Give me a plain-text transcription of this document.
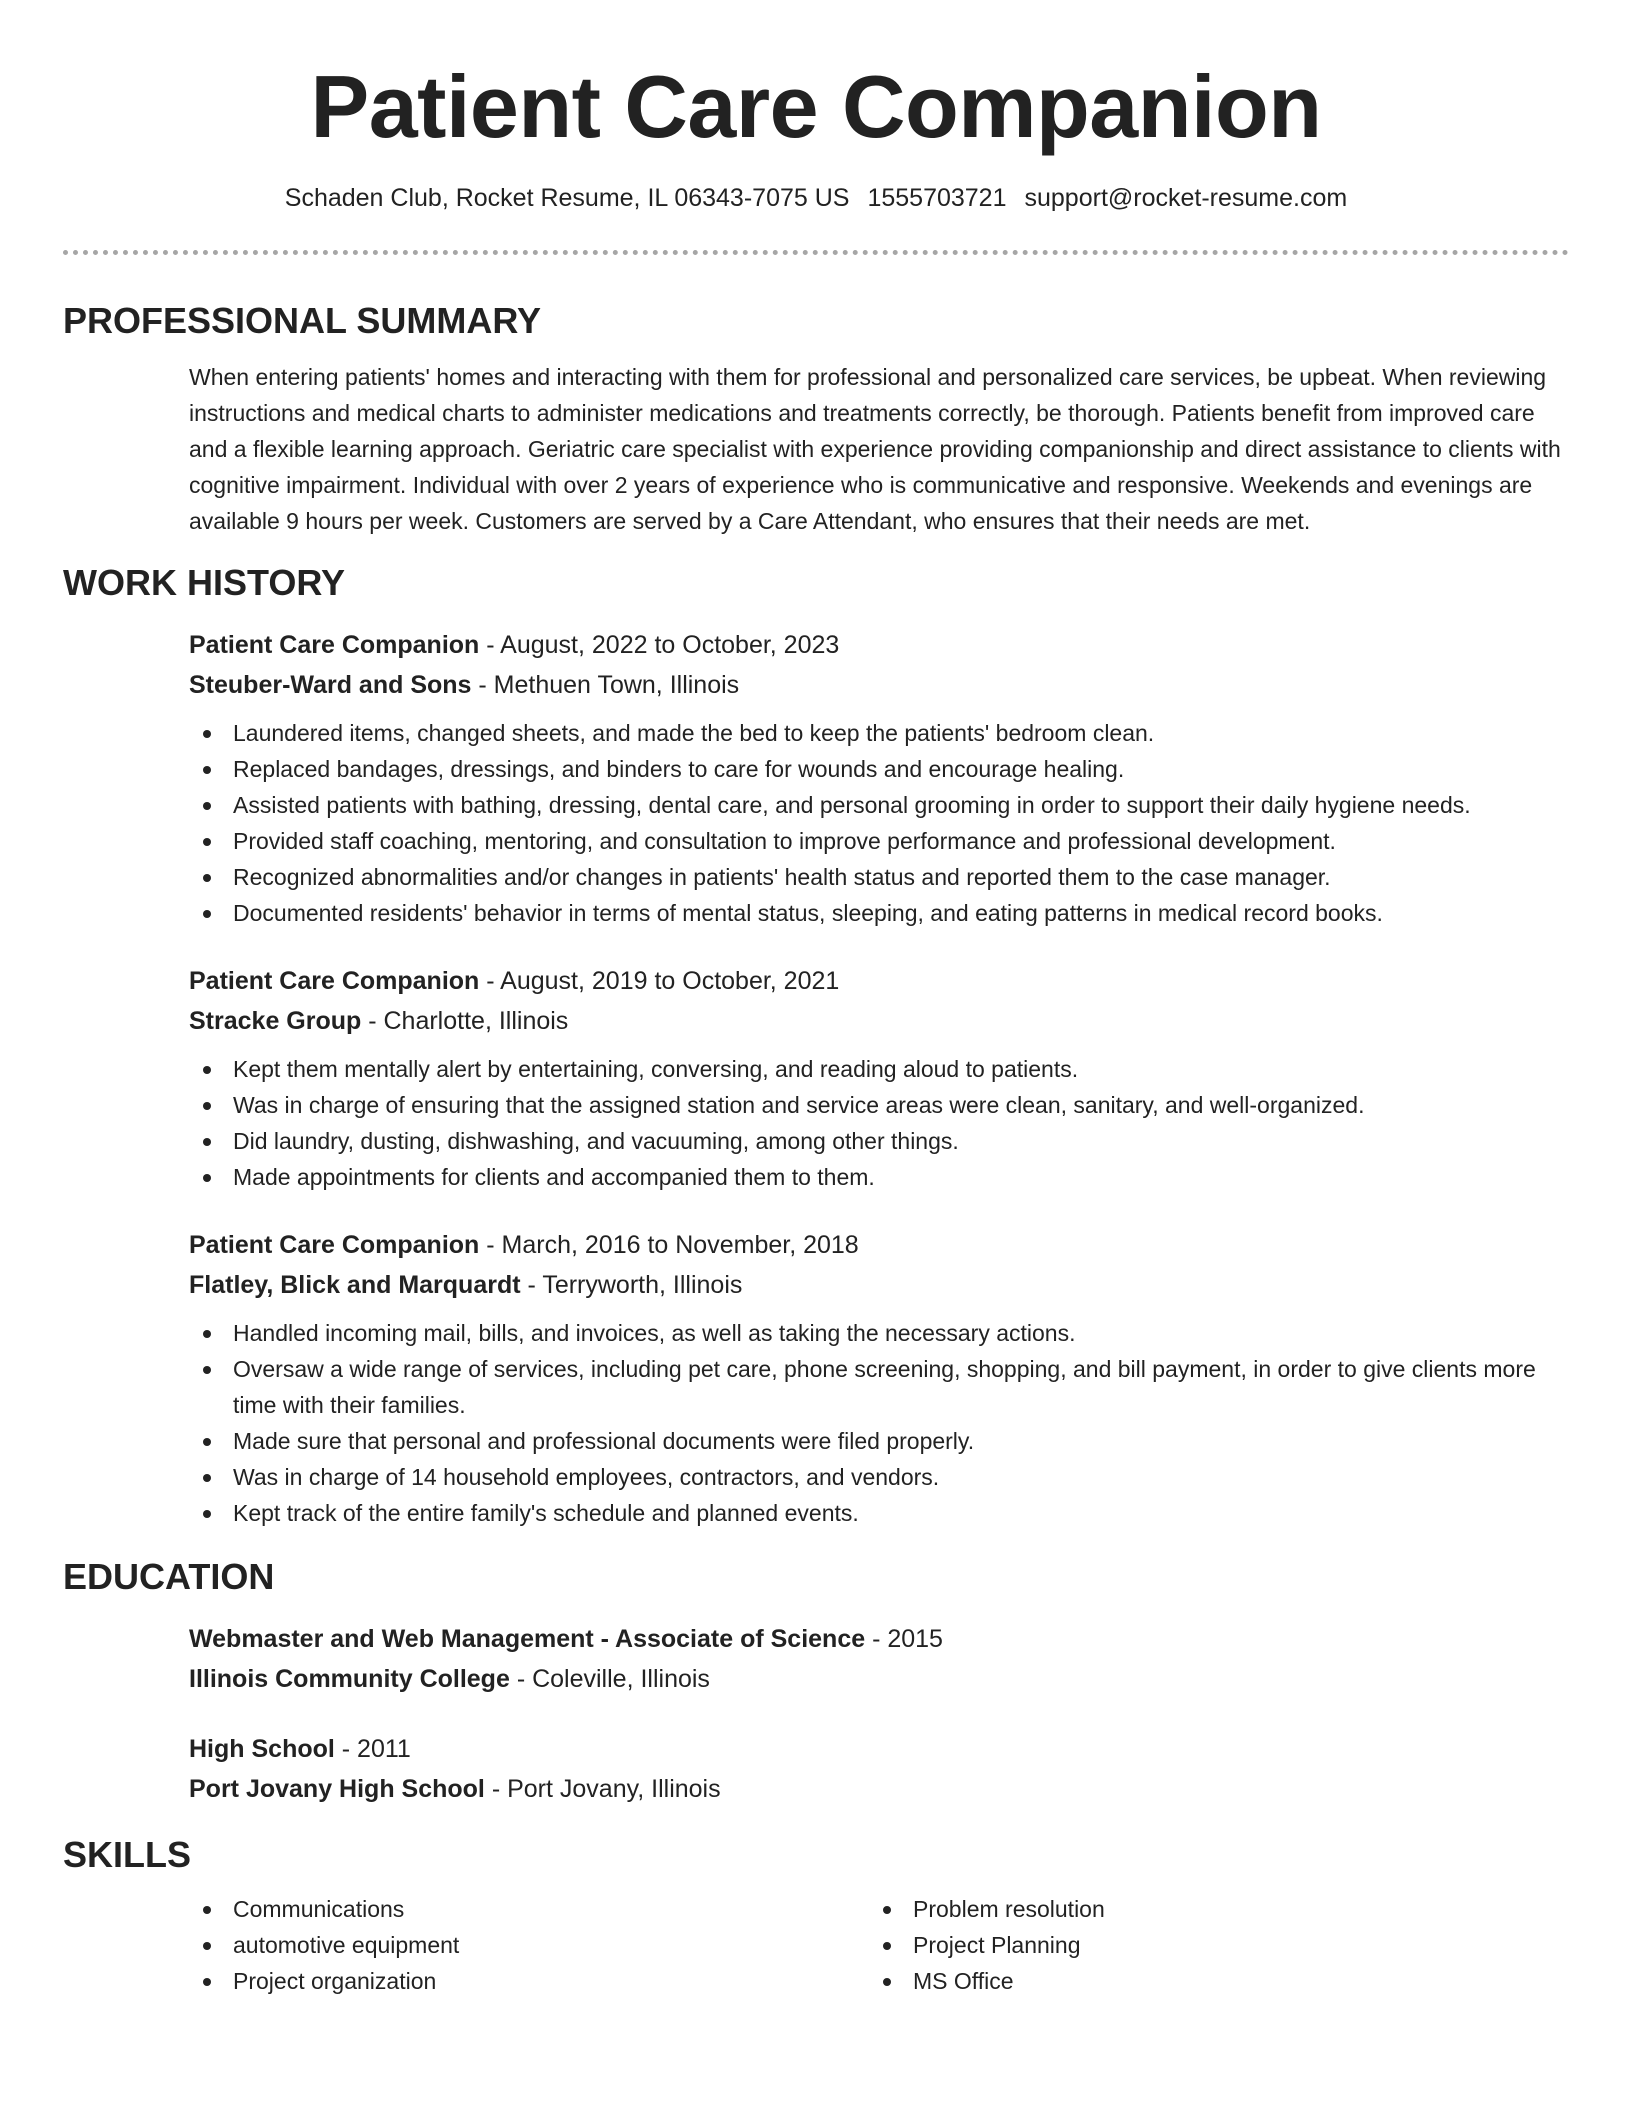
Patient Care Companion
Schaden Club, Rocket Resume, IL 06343-7075 US 1555703721 support@rocket-resume.com
PROFESSIONAL SUMMARY

When entering patients' homes and interacting with them for professional and personalized care services, be upbeat. When reviewing instructions and medical charts to administer medications and treatments correctly, be thorough. Patients benefit from improved care and a flexible learning approach. Geriatric care specialist with experience providing companionship and direct assistance to clients with cognitive impairment. Individual with over 2 years of experience who is communicative and responsive. Weekends and evenings are available 9 hours per week. Customers are served by a Care Attendant, who ensures that their needs are met.

WORK HISTORY
Patient Care Companion - August, 2022 to October, 2023
Steuber-Ward and Sons - Methuen Town, Illinois
Laundered items, changed sheets, and made the bed to keep the patients' bedroom clean.
Replaced bandages, dressings, and binders to care for wounds and encourage healing.
Assisted patients with bathing, dressing, dental care, and personal grooming in order to support their daily hygiene needs.
Provided staff coaching, mentoring, and consultation to improve performance and professional development.
Recognized abnormalities and/or changes in patients' health status and reported them to the case manager.
Documented residents' behavior in terms of mental status, sleeping, and eating patterns in medical record books.
Patient Care Companion - August, 2019 to October, 2021
Stracke Group - Charlotte, Illinois
Kept them mentally alert by entertaining, conversing, and reading aloud to patients.
Was in charge of ensuring that the assigned station and service areas were clean, sanitary, and well-organized.
Did laundry, dusting, dishwashing, and vacuuming, among other things.
Made appointments for clients and accompanied them to them.
Patient Care Companion - March, 2016 to November, 2018
Flatley, Blick and Marquardt - Terryworth, Illinois
Handled incoming mail, bills, and invoices, as well as taking the necessary actions.
Oversaw a wide range of services, including pet care, phone screening, shopping, and bill payment, in order to give clients more time with their families.
Made sure that personal and professional documents were filed properly.
Was in charge of 14 household employees, contractors, and vendors.
Kept track of the entire family's schedule and planned events.
EDUCATION
Webmaster and Web Management - Associate of Science - 2015
Illinois Community College - Coleville, Illinois
High School - 2011
Port Jovany High School - Port Jovany, Illinois
SKILLS
Communications
automotive equipment
Project organization
Problem resolution
Project Planning
MS Office
